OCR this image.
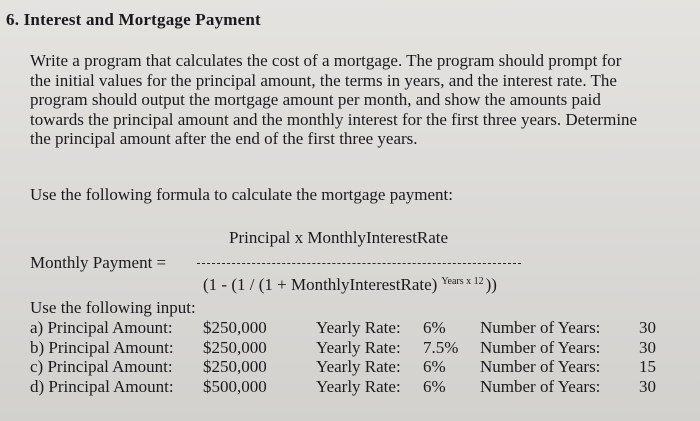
6. Interest and Mortgage Payment
Write a program that calculates the cost of a mortgage. The program should prompt for
the initial values for the principal amount, the terms in years, and the interest rate. The
program should output the mortgage amount per month, and show the amounts paid
towards the principal amount and the monthly interest for the first three years. Determine
the principal amount after the end of the first three years.
Use the following formula to calculate the mortgage payment:
Principal x MonthlyInterestRate
Monthly Payment =
(1 - (1 / (1 + MonthlyInterestRate) $^{Years x 12}$ ))
Use the following input:
a) Principal Amount: $250,000	Yearly Rate: 6% Number of Years: 30
b) Principal Amount: $250,000	Yearly Rate: 7.5% Number of Years: 30
c) Principal Amount: $250,000	Yearly Rate: 6% Number of Years: 15
d) Principal Amount: $500,000	Yearly Rate: 6% Number of Years: 30
